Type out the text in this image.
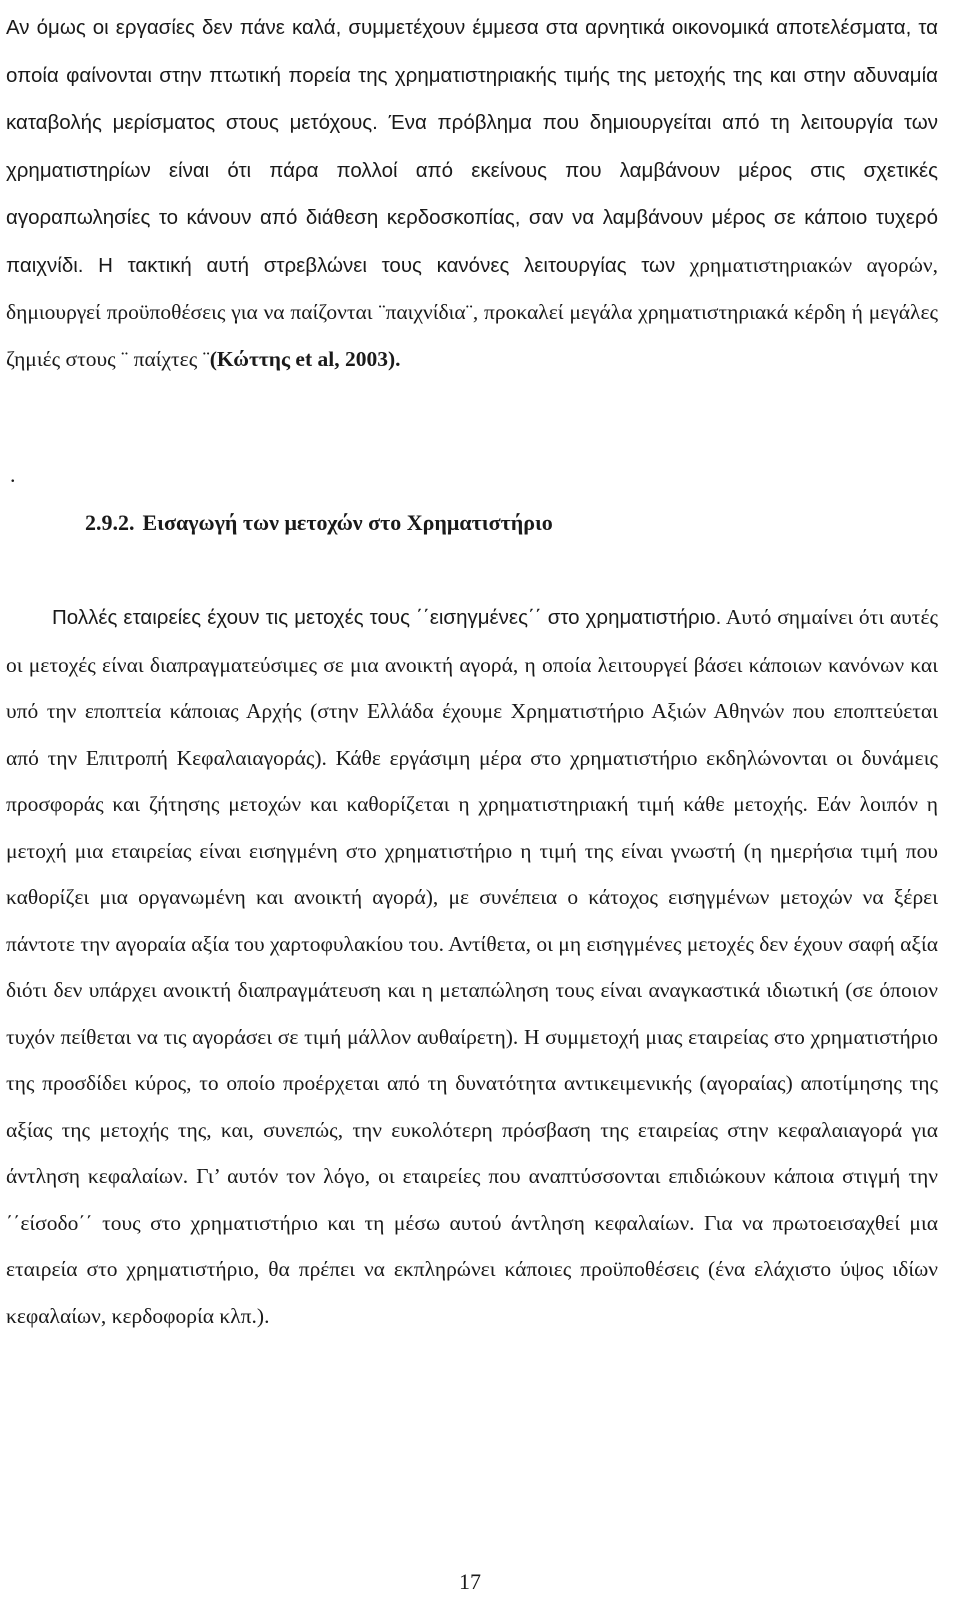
Αν όμως οι εργασίες δεν πάνε καλά, συμμετέχουν έμμεσα στα αρνητικά οικονομικά αποτελέσματα, τα οποία φαίνονται στην πτωτική πορεία της χρηματιστηριακής τιμής της μετοχής της και στην αδυναμία καταβολής μερίσματος στους μετόχους. Ένα πρόβλημα που δημιουργείται από τη λειτουργία των χρηματιστηρίων είναι ότι πάρα πολλοί από εκείνους που λαμβάνουν μέρος στις σχετικές αγοραπωλησίες το κάνουν από διάθεση κερδοσκοπίας, σαν να λαμβάνουν μέρος σε κάποιο τυχερό παιχνίδι. Η τακτική αυτή στρεβλώνει τους κανόνες λειτουργίας των χρηματιστηριακών αγορών, δημιουργεί προϋποθέσεις για να παίζονται ¨παιχνίδια¨, προκαλεί μεγάλα χρηματιστηριακά κέρδη ή μεγάλες ζημιές στους ¨ παίχτες ¨(Κώττης et al, 2003).

.
2.9.2. Εισαγωγή των μετοχών στο Χρηματιστήριο

Πολλές εταιρείες έχουν τις μετοχές τους ΄΄εισηγμένες΄΄ στο χρηματιστήριο. Αυτό σημαίνει ότι αυτές οι μετοχές είναι διαπραγματεύσιμες σε μια ανοικτή αγορά, η οποία λειτουργεί βάσει κάποιων κανόνων και υπό την εποπτεία κάποιας Αρχής (στην Ελλάδα έχουμε Χρηματιστήριο Αξιών Αθηνών που εποπτεύεται από την Επιτροπή Κεφαλαιαγοράς). Κάθε εργάσιμη μέρα στο χρηματιστήριο εκδηλώνονται οι δυνάμεις προσφοράς και ζήτησης μετοχών και καθορίζεται η χρηματιστηριακή τιμή κάθε μετοχής. Εάν λοιπόν η μετοχή μια εταιρείας είναι εισηγμένη στο χρηματιστήριο η τιμή της είναι γνωστή (η ημερήσια τιμή που καθορίζει μια οργανωμένη και ανοικτή αγορά), με συνέπεια ο κάτοχος εισηγμένων μετοχών να ξέρει πάντοτε την αγοραία αξία του χαρτοφυλακίου του. Αντίθετα, οι μη εισηγμένες μετοχές δεν έχουν σαφή αξία διότι δεν υπάρχει ανοικτή διαπραγμάτευση και η μεταπώληση τους είναι αναγκαστικά ιδιωτική (σε όποιον τυχόν πείθεται να τις αγοράσει σε τιμή μάλλον αυθαίρετη). Η συμμετοχή μιας εταιρείας στο χρηματιστήριο της προσδίδει κύρος, το οποίο προέρχεται από τη δυνατότητα αντικειμενικής (αγοραίας) αποτίμησης της αξίας της μετοχής της, και, συνεπώς, την ευκολότερη πρόσβαση της εταιρείας στην κεφαλαιαγορά για άντληση κεφαλαίων. Γι’ αυτόν τον λόγο, οι εταιρείες που αναπτύσσονται επιδιώκουν κάποια στιγμή την ΄΄είσοδο΄΄ τους στο χρηματιστήριο και τη μέσω αυτού άντληση κεφαλαίων. Για να πρωτοεισαχθεί μια εταιρεία στο χρηματιστήριο, θα πρέπει να εκπληρώνει κάποιες προϋποθέσεις (ένα ελάχιστο ύψος ιδίων κεφαλαίων, κερδοφορία κλπ.).

17
